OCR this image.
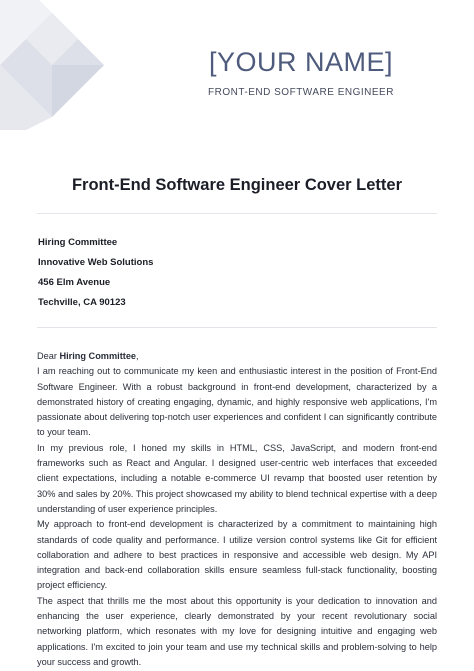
[YOUR NAME]
FRONT-END SOFTWARE ENGINEER
Front-End Software Engineer Cover Letter
Hiring Committee
Innovative Web Solutions
456 Elm Avenue
Techville, CA 90123

Dear Hiring Committee,

I am reaching out to communicate my keen and enthusiastic interest in the position of Front-End Software Engineer. With a robust background in front-end development, characterized by a demonstrated history of creating engaging, dynamic, and highly responsive web applications, I'm passionate about delivering top-notch user experiences and confident I can significantly contribute to your team.

In my previous role, I honed my skills in HTML, CSS, JavaScript, and modern front-end frameworks such as React and Angular. I designed user-centric web interfaces that exceeded client expectations, including a notable e-commerce UI revamp that boosted user retention by 30% and sales by 20%. This project showcased my ability to blend technical expertise with a deep understanding of user experience principles.

My approach to front-end development is characterized by a commitment to maintaining high standards of code quality and performance. I utilize version control systems like Git for efficient collaboration and adhere to best practices in responsive and accessible web design. My API integration and back-end collaboration skills ensure seamless full-stack functionality, boosting project efficiency.

The aspect that thrills me the most about this opportunity is your dedication to innovation and enhancing the user experience, clearly demonstrated by your recent revolutionary social networking platform, which resonates with my love for designing intuitive and engaging web applications. I'm excited to join your team and use my technical skills and problem-solving to help your success and growth.
